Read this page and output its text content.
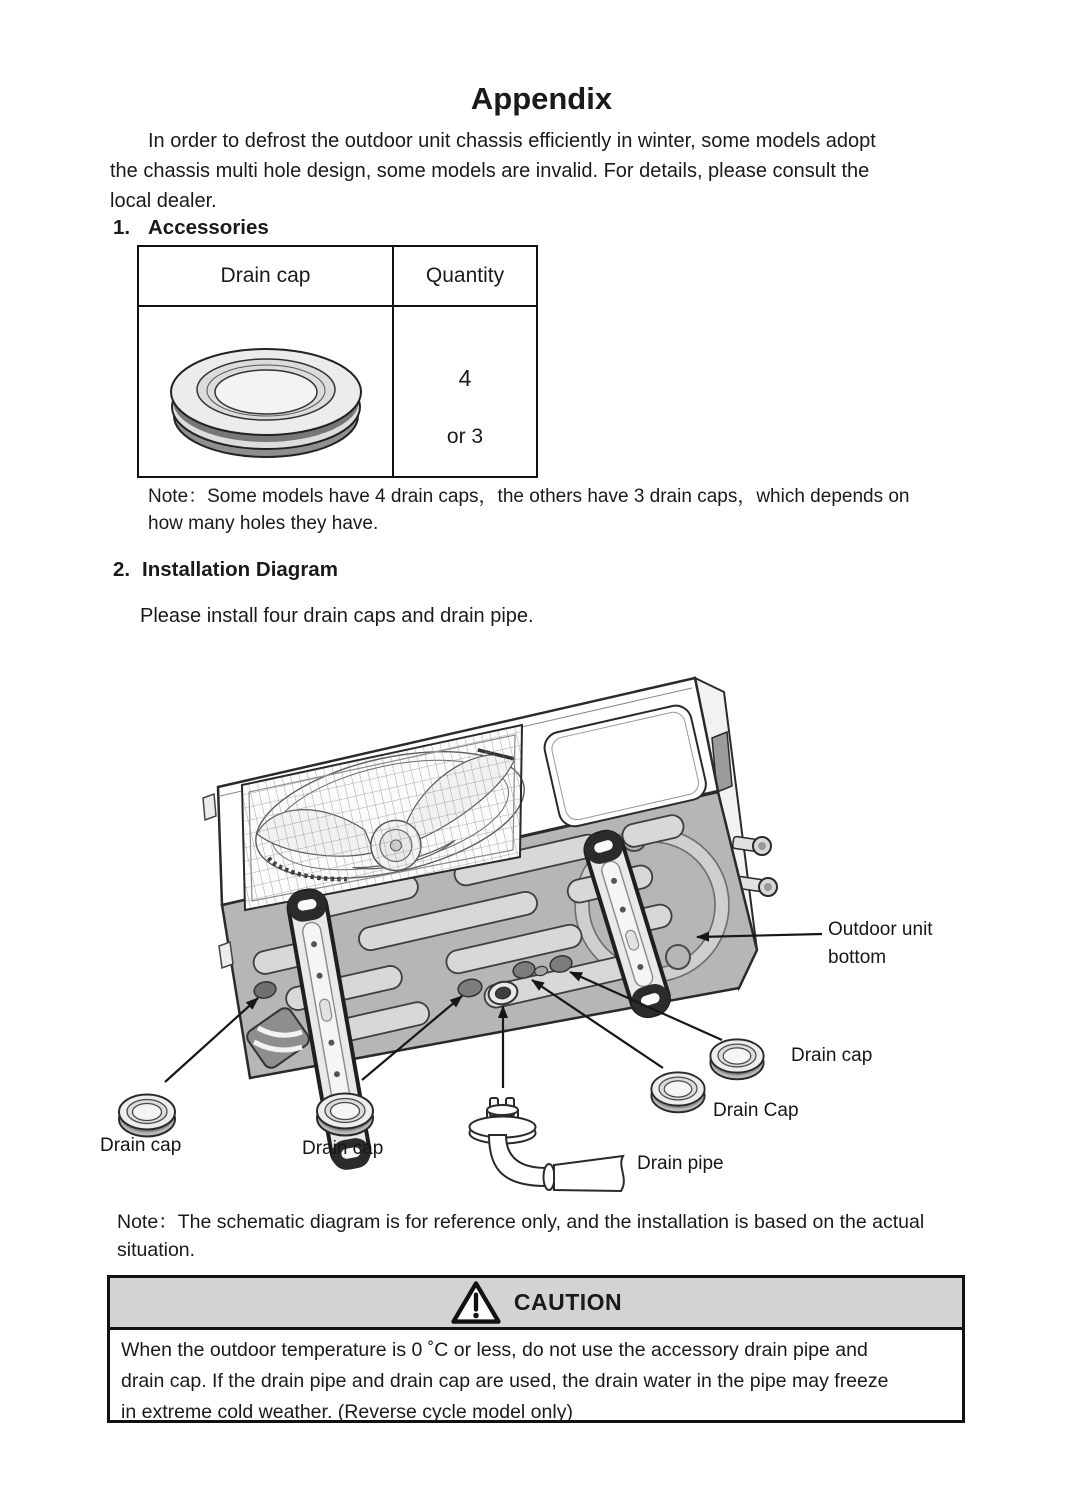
Appendix
In order to defrost the outdoor unit chassis efficiently in winter, some models adopt
the chassis multi hole design, some models are invalid. For details, please consult the
local dealer.
1. Accessories
Drain cap	Quantity
4
or 3
Note：Some models have 4 drain caps，the others have 3 drain caps，which depends on
how many holes they have.
2. Installation Diagram
Please install four drain caps and drain pipe.
Outdoor unit bottom
Drain cap
Drain Cap
Drain pipe
Drain cap	Drain cap
Note：The schematic diagram is for reference only, and the installation is based on the actual
situation.
CAUTION
When the outdoor temperature is 0 ˚C or less, do not use the accessory drain pipe and
drain cap. If the drain pipe and drain cap are used, the drain water in the pipe may freeze
in extreme cold weather. (Reverse cycle model only)
